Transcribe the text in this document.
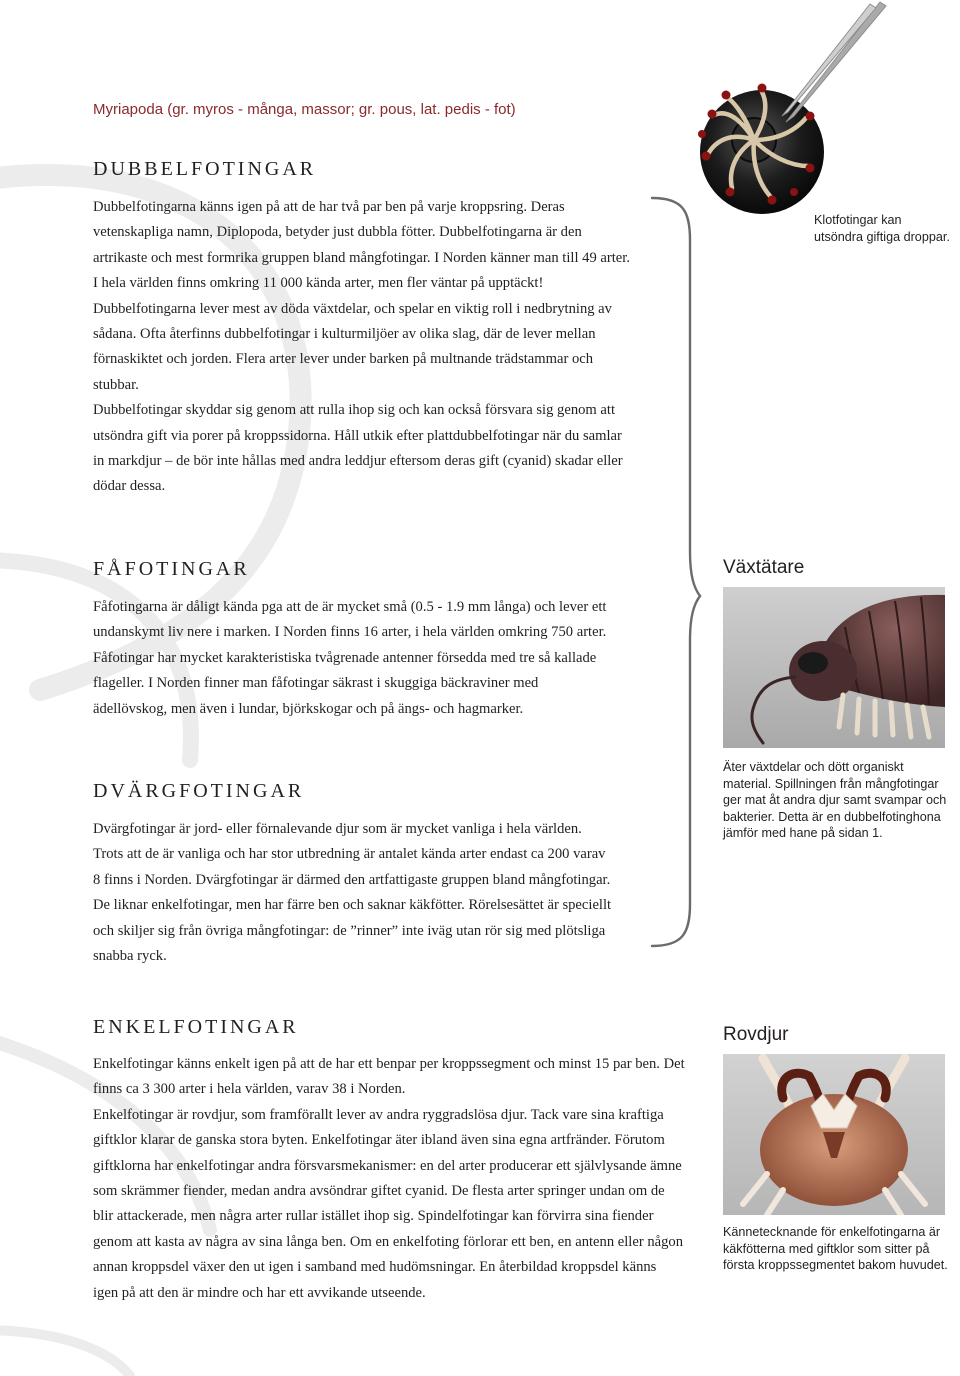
Myriapoda (gr. myros - många, massor; gr. pous, lat. pedis - fot)
DUBBELFOTINGAR

Dubbelfotingarna känns igen på att de har två par ben på varje kroppsring. Deras vetenskapliga namn, Diplopoda, betyder just dubbla fötter. Dubbelfotingarna är den artrikaste och mest formrika gruppen bland mångfotingar. I Norden känner man till 49 arter. I hela världen finns omkring 11 000 kända arter, men fler väntar på upptäckt!

Dubbelfotingarna lever mest av döda växtdelar, och spelar en viktig roll i nedbrytning av sådana. Ofta återfinns dubbelfotingar i kulturmiljöer av olika slag, där de lever mellan förnaskiktet och jorden. Flera arter lever under barken på multnande trädstammar och stubbar.

Dubbelfotingar skyddar sig genom att rulla ihop sig och kan också försvara sig genom att utsöndra gift via porer på kroppssidorna. Håll utkik efter plattdubbelfotingar när du samlar in markdjur – de bör inte hållas med andra leddjur eftersom deras gift (cyanid) skadar eller dödar dessa.

FÅFOTINGAR

Fåfotingarna är dåligt kända pga att de är mycket små (0.5 - 1.9 mm långa) och lever ett undanskymt liv nere i marken. I Norden finns 16 arter, i hela världen omkring 750 arter. Fåfotingar har mycket karakteristiska tvågrenade antenner försedda med tre så kallade flageller. I Norden finner man fåfotingar säkrast i skuggiga bäckraviner med ädellövskog, men även i lundar, björkskogar och på ängs- och hagmarker.

DVÄRGFOTINGAR

Dvärgfotingar är jord- eller förnalevande djur som är mycket vanliga i hela världen. Trots att de är vanliga och har stor utbredning är antalet kända arter endast ca 200 varav 8 finns i Norden. Dvärgfotingar är därmed den artfattigaste gruppen bland mångfotingar. De liknar enkelfotingar, men har färre ben och saknar käkfötter. Rörelsesättet är speciellt och skiljer sig från övriga mångfotingar: de ”rinner” inte iväg utan rör sig med plötsliga snabba ryck.

ENKELFOTINGAR

Enkelfotingar känns enkelt igen på att de har ett benpar per kroppssegment och minst 15 par ben. Det finns ca 3 300 arter i hela världen, varav 38 i Norden.

Enkelfotingar är rovdjur, som framförallt lever av andra ryggradslösa djur. Tack vare sina kraftiga giftklor klarar de ganska stora byten. Enkelfotingar äter ibland även sina egna artfränder. Förutom giftklorna har enkelfotingar andra försvarsmekanismer: en del arter producerar ett självlysande ämne som skrämmer fiender, medan andra avsöndrar giftet cyanid. De flesta arter springer undan om de blir attackerade, men några arter rullar istället ihop sig. Spindelfotingar kan förvirra sina fiender genom att kasta av några av sina långa ben. Om en enkelfoting förlorar ett ben, en antenn eller någon annan kroppsdel växer den ut igen i samband med hudömsningar. En återbildad kroppsdel känns igen på att den är mindre och har ett avvikande utseende.

Klotfotingar kan utsöndra giftiga droppar.
Växtätare
Äter växtdelar och dött organiskt material. Spillningen från mångfotingar ger mat åt andra djur samt svampar och bakterier. Detta är en dubbelfotinghona jämför med hane på sidan 1.
Rovdjur
Kännetecknande för enkelfotingarna är käkfötterna med giftklor som sitter på första kroppssegmentet bakom huvudet.
